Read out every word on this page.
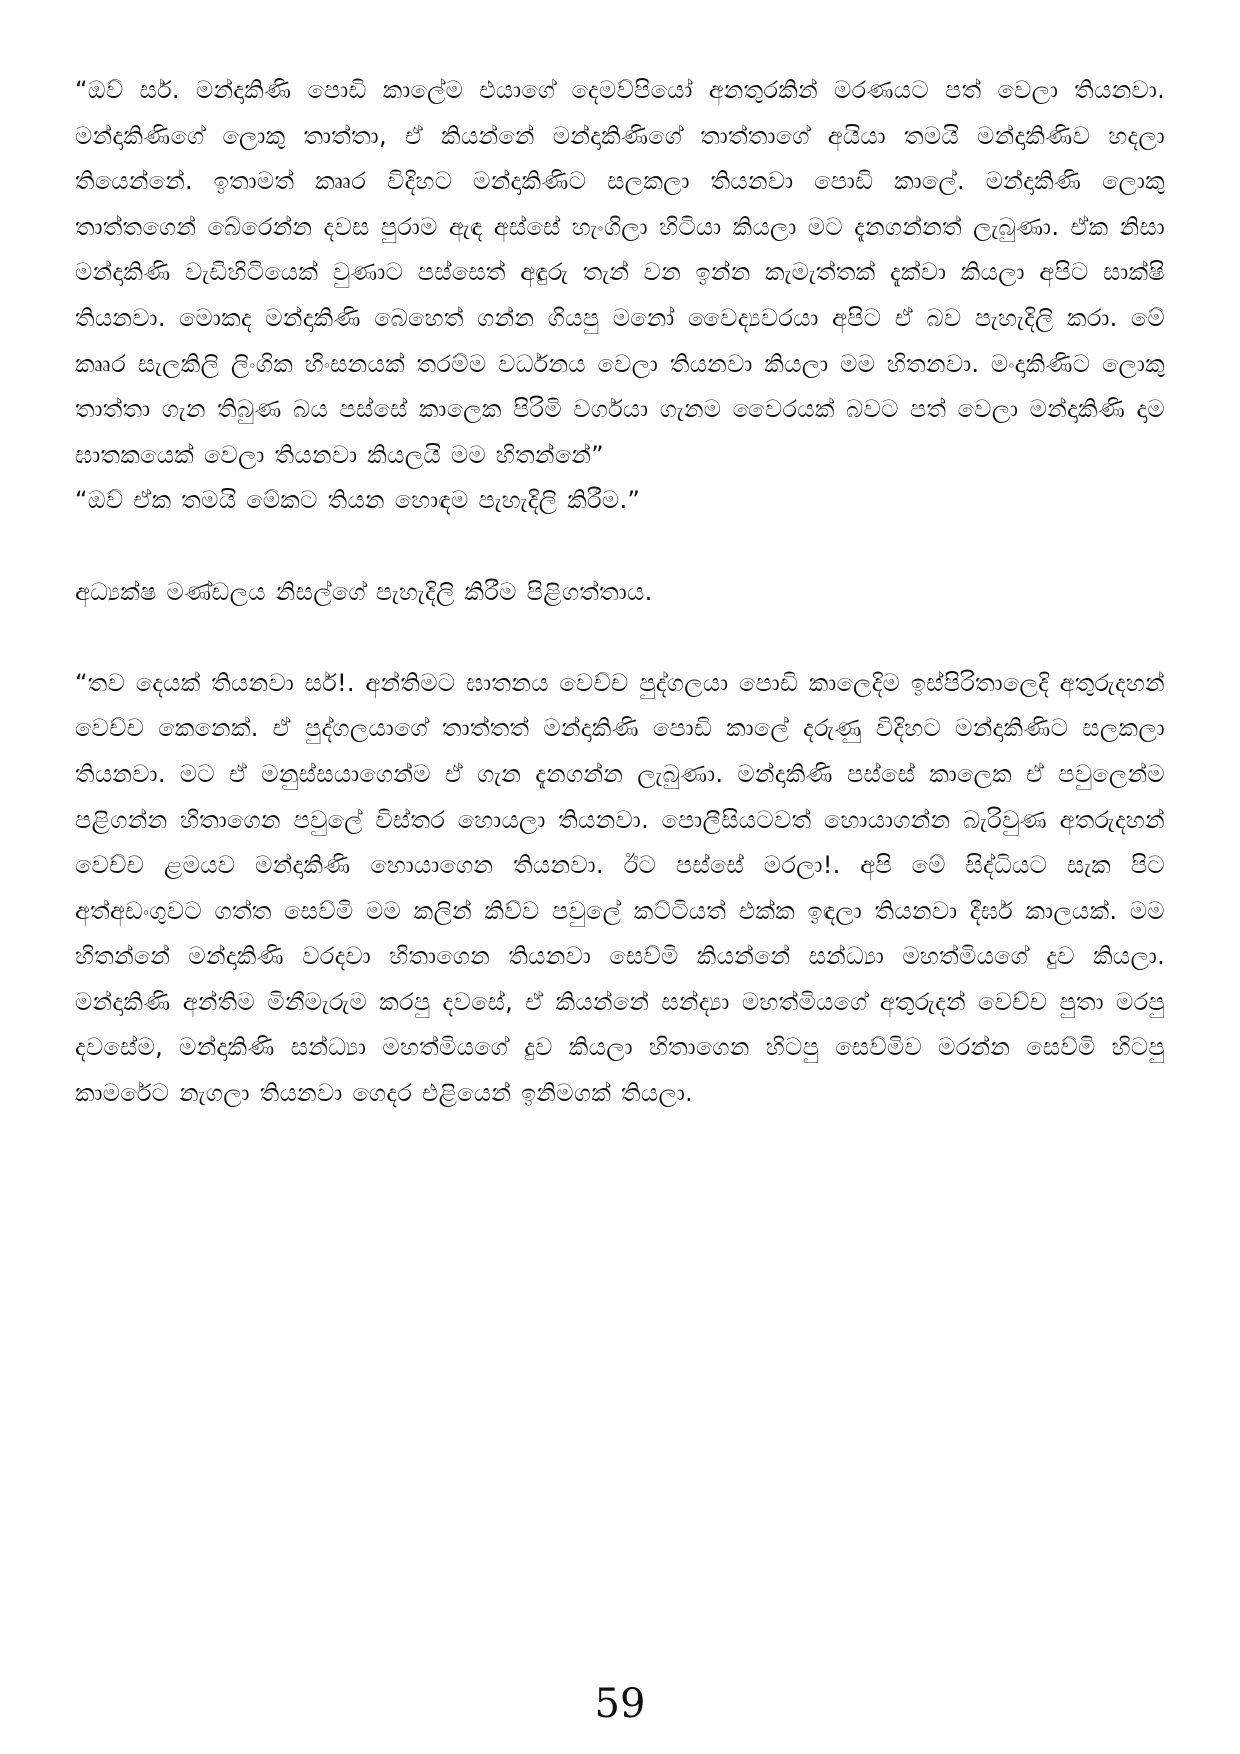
“ඔව් සර්. මන්දාකිණි පොඩි කාලේම එයාගේ දෙමව්පියෝ අනතුරකින් මරණයට පත් වෙලා තියනවා. මන්දාකිණිගේ ලොකු තාත්තා, ඒ කියන්නේ මන්දාකිණිගේ තාත්තාගේ අයියා තමයි මන්දාකිණිව හදලා තියෙන්නේ. ඉතාමත් කෲර විදිහට මන්දාකිණිට සලකලා තියනවා පොඩි කාලේ. මන්දාකිණි ලොකු තාත්තගෙන් බේරෙන්න දවස පුරාම ඇඳ අස්සේ හැංගිලා හිටියා කියලා මට දැනගන්නත් ලැබුණා. ඒක නිසා මන්දාකිණි වැඩිහිටියෙක් වුණාට පස්සෙත් අඳුරු තැන් වන ඉන්න කැමැත්තක් දැක්වා කියලා අපිට සාක්ෂි තියනවා. මොකද මන්දාකිණි බෙහෙත් ගන්න ගියපු මනෝ වෛද්‍යවරයා අපිට ඒ බව පැහැදිලි කරා. මේ කෲර සැලකිලි ලිංගික හිංසනයක් තරම්ම වර්ධනය වෙලා තියනවා කියලා මම හිතනවා. මංදාකිණිට ලොකු තාත්තා ගැන තිබුණ බය පස්සේ කාලෙක පිරිමි වර්ගයා ගැනම වෛරයක් බවට පත් වෙලා මන්දාකිණි දාම ඝාතකයෙක් වෙලා තියනවා කියලයි මම හිතන්නේ”

“ඔව් ඒක තමයි මේකට තියන හොඳම පැහැදිලි කිරීම.”

අධ්‍යක්ෂ මණ්ඩලය නිසල්ගේ පැහැදිලි කිරීම පිළිගත්තාය.

“තව දෙයක් තියනවා සර්!. අන්තිමට ඝාතනය වෙච්ච පුද්ගලයා පොඩි කාලෙදිම ඉස්පිරිතාලෙදි අතුරුදහන් වෙච්ච කෙනෙක්. ඒ පුද්ගලයාගේ තාත්තත් මන්දාකිණි පොඩි කාලේ දරුණු විදිහට මන්දාකිණිට සලකලා තියනවා. මට ඒ මනුස්සයාගෙන්ම ඒ ගැන දැනගන්න ලැබුණා. මන්දාකිණි පස්සේ කාලෙක ඒ පවුලෙන්ම පළිගන්න හිතාගෙන පවුලේ විස්තර හොයලා තියනවා. පොලීසියටවත් හොයාගන්න බැරිවුණ අතරුදහන් වෙච්ච ළමයව මන්දාකිණි හොයාගෙන තියනවා. ඊට පස්සේ මරලා!. අපි මේ සිද්ධියට සැක පිට අත්අඩංගුවට ගත්ත සෙව්මි මම කලින් කිව්ව පවුලේ කට්ටියත් එක්ක ඉඳලා තියනවා දීර්ඝ කාලයක්. මම හිතන්නේ මන්දාකිණි වරදවා හිතාගෙන තියනවා සෙව්මි කියන්නේ සන්ධ්‍යා මහත්මියගේ දුව කියලා. මන්දාකිණි අන්තිම මිනීමැරුම කරපු දවසේ, ඒ කියන්නේ සන්ද්‍යා මහත්මියගේ අතුරුදන් වෙච්ච පුතා මරපු දවසේම, මන්දාකිණි සන්ධ්‍යා මහත්මියගේ දුව කියලා හිතාගෙන හිටපු සෙව්මිව මරන්න සෙව්මි හිටපු කාමරේට නැගලා තියනවා ගෙදර එළියෙන් ඉනිමගක් තියලා.

59
